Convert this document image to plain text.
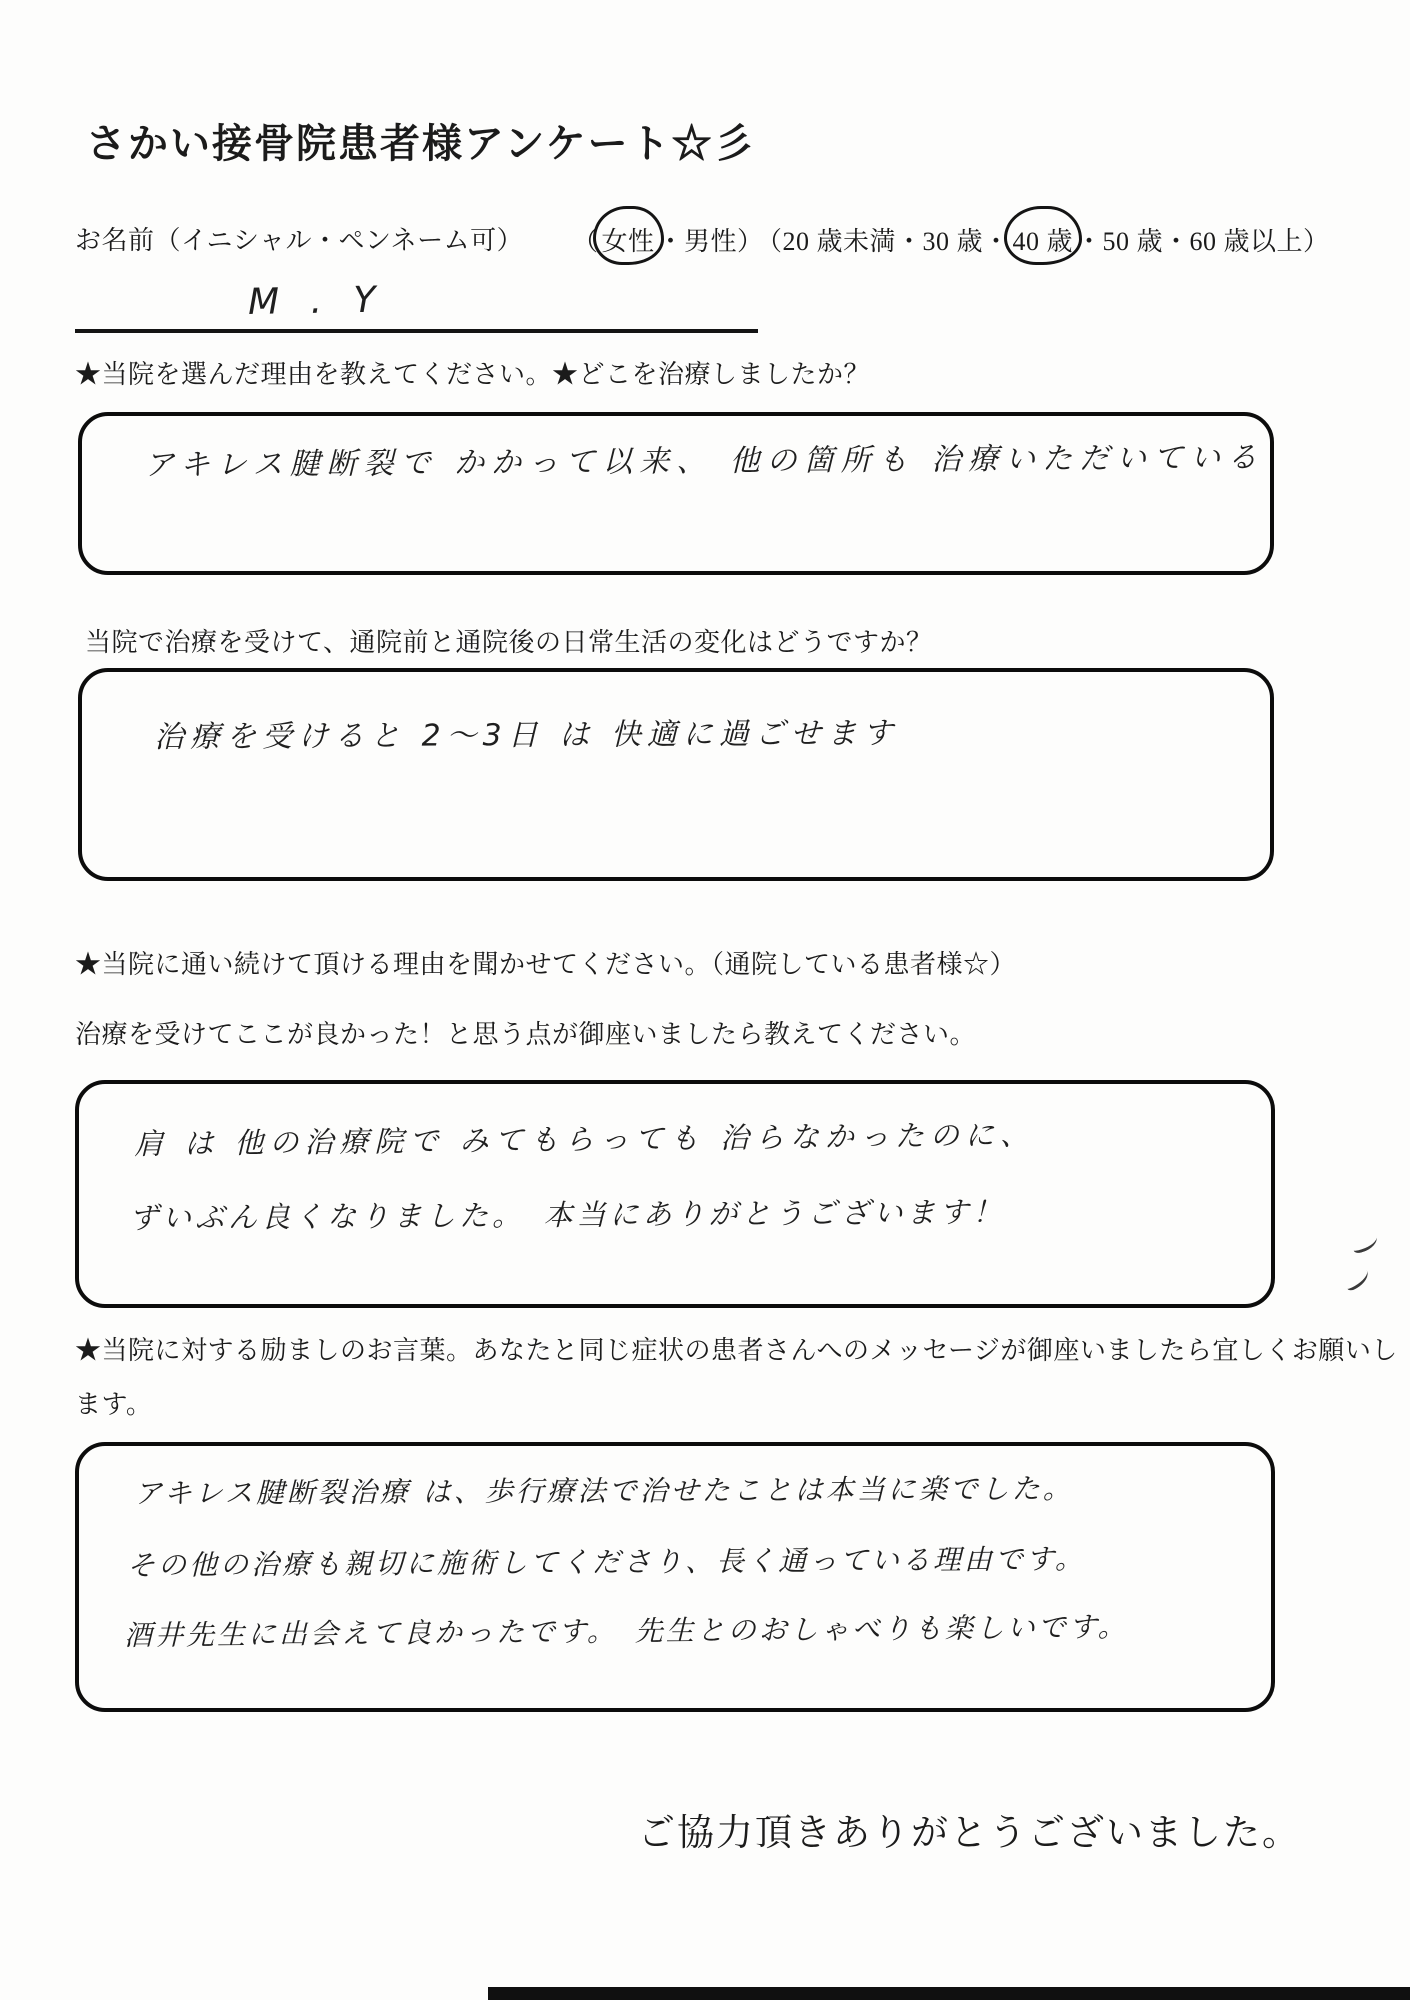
さかい接骨院患者様アンケート☆彡
お名前（イニシャル・ペンネーム可） （ 女性 ・男性）
（20 歳未満・30 歳・ 40 歳 ・50 歳・60 歳以上）
M . Y
★当院を選んだ理由を教えてください。★どこを治療しましたか？
アキレス腱断裂で かかって以来、 他の箇所も 治療いただいている
当院で治療を受けて、通院前と通院後の日常生活の変化はどうですか？
治療を受けると 2〜3日 は 快適に過ごせます
★当院に通い続けて頂ける理由を聞かせてください。（通院している患者様☆）
治療を受けてここが良かった！と思う点が御座いましたら教えてください。
肩 は 他の治療院で みてもらっても 治らなかったのに、
ずいぶん良くなりました。　本当にありがとうございます！
★当院に対する励ましのお言葉。あなたと同じ症状の患者さんへのメッセージが御座いましたら宜しくお願いし
ます。
アキレス腱断裂治療 は、歩行療法で治せたことは本当に楽でした。
その他の治療も親切に施術してくださり、長く通っている理由です。
酒井先生に出会えて良かったです。　先生とのおしゃべりも楽しいです。
ご協力頂きありがとうございました。
